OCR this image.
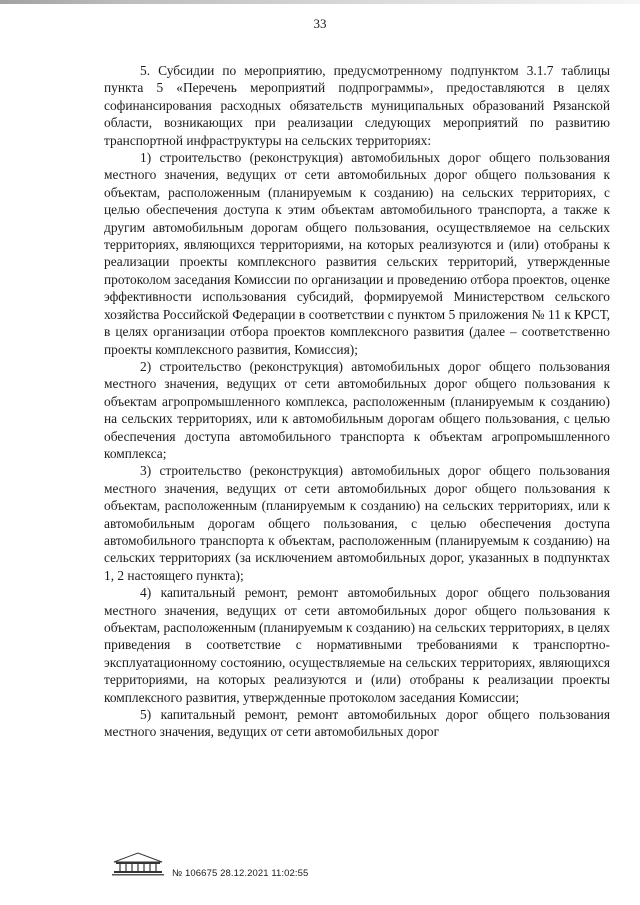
33

5. Субсидии по мероприятию, предусмотренному подпунктом 3.1.7 таблицы пункта 5 «Перечень мероприятий подпрограммы», предоставляются в целях софинансирования расходных обязательств муниципальных образований Рязанской области, возникающих при реализации следующих мероприятий по развитию транспортной инфраструктуры на сельских территориях:

1) строительство (реконструкция) автомобильных дорог общего пользования местного значения, ведущих от сети автомобильных дорог общего пользования к объектам, расположенным (планируемым к созданию) на сельских территориях, с целью обеспечения доступа к этим объектам автомобильного транспорта, а также к другим автомобильным дорогам общего пользования, осуществляемое на сельских территориях, являющихся территориями, на которых реализуются и (или) отобраны к реализации проекты комплексного развития сельских территорий, утвержденные протоколом заседания Комиссии по организации и проведению отбора проектов, оценке эффективности использования субсидий, формируемой Министерством сельского хозяйства Российской Федерации в соответствии с пунктом 5 приложения № 11 к КРСТ, в целях организации отбора проектов комплексного развития (далее – соответственно проекты комплексного развития, Комиссия);

2) строительство (реконструкция) автомобильных дорог общего пользования местного значения, ведущих от сети автомобильных дорог общего пользования к объектам агропромышленного комплекса, расположенным (планируемым к созданию) на сельских территориях, или к автомобильным дорогам общего пользования, с целью обеспечения доступа автомобильного транспорта к объектам агропромышленного комплекса;

3) строительство (реконструкция) автомобильных дорог общего пользования местного значения, ведущих от сети автомобильных дорог общего пользования к объектам, расположенным (планируемым к созданию) на сельских территориях, или к автомобильным дорогам общего пользования, с целью обеспечения доступа автомобильного транспорта к объектам, расположенным (планируемым к созданию) на сельских территориях (за исключением автомобильных дорог, указанных в подпунктах 1, 2 настоящего пункта);

4) капитальный ремонт, ремонт автомобильных дорог общего пользования местного значения, ведущих от сети автомобильных дорог общего пользования к объектам, расположенным (планируемым к созданию) на сельских территориях, в целях приведения в соответствие с нормативными требованиями к транспортно-эксплуатационному состоянию, осуществляемые на сельских территориях, являющихся территориями, на которых реализуются и (или) отобраны к реализации проекты комплексного развития, утвержденные протоколом заседания Комиссии;

5) капитальный ремонт, ремонт автомобильных дорог общего пользования местного значения, ведущих от сети автомобильных дорог

№ 106675 28.12.2021 11:02:55
